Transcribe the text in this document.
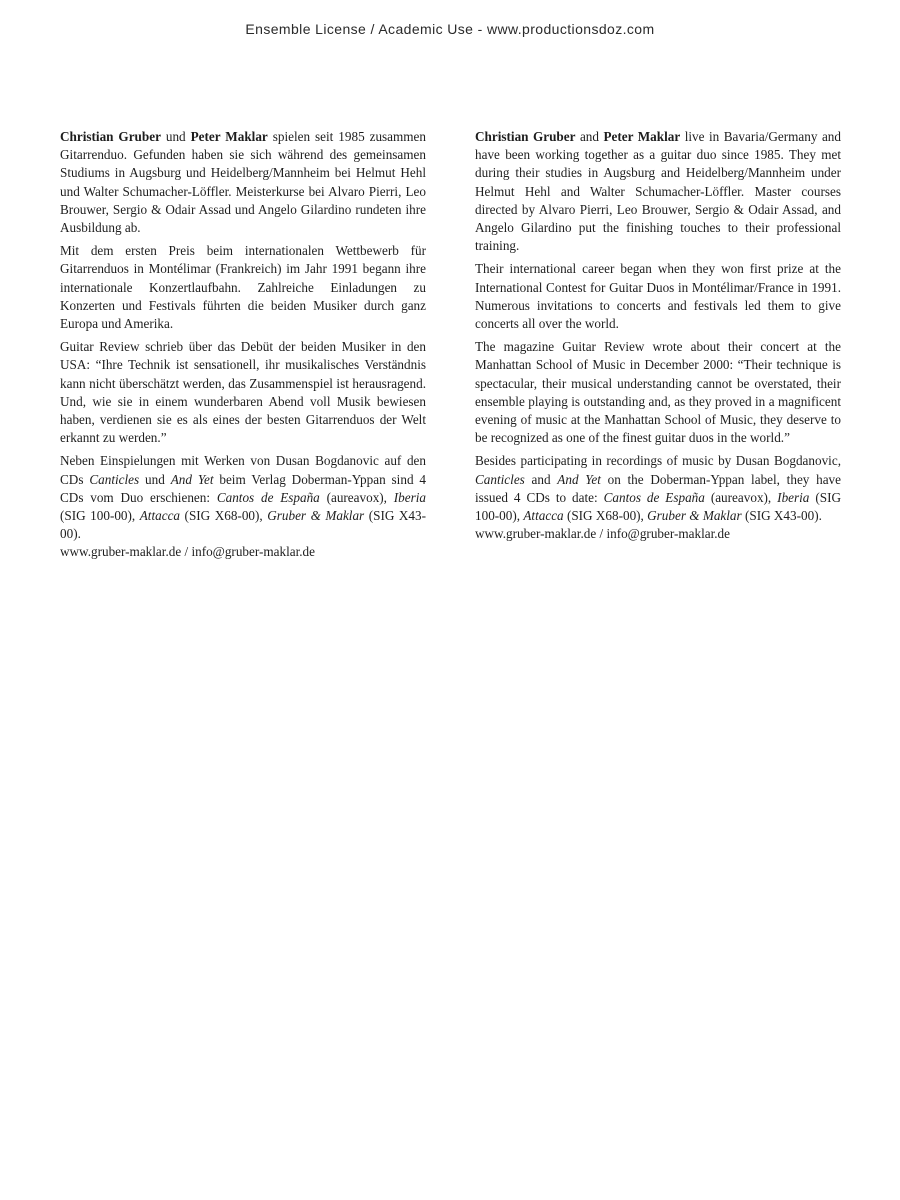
Ensemble License / Academic Use - www.productionsdoz.com

Christian Gruber und Peter Maklar spielen seit 1985 zusammen Gitarrenduo. Gefunden haben sie sich während des gemeinsamen Studiums in Augsburg und Heidelberg/Mannheim bei Helmut Hehl und Walter Schumacher-Löffler. Meisterkurse bei Alvaro Pierri, Leo Brouwer, Sergio & Odair Assad und Angelo Gilardino rundeten ihre Ausbildung ab.

Mit dem ersten Preis beim internationalen Wettbewerb für Gitarrenduos in Montélimar (Frankreich) im Jahr 1991 begann ihre internationale Konzertlaufbahn. Zahlreiche Einladungen zu Konzerten und Festivals führten die beiden Musiker durch ganz Europa und Amerika.

Guitar Review schrieb über das Debüt der beiden Musiker in den USA: “Ihre Technik ist sensationell, ihr musikalisches Verständnis kann nicht überschätzt werden, das Zusammenspiel ist herausragend. Und, wie sie in einem wunderbaren Abend voll Musik bewiesen haben, verdienen sie es als eines der besten Gitarrenduos der Welt erkannt zu werden.”

Neben Einspielungen mit Werken von Dusan Bogdanovic auf den CDs Canticles und And Yet beim Verlag Doberman-Yppan sind 4 CDs vom Duo erschienen: Cantos de España (aureavox), Iberia (SIG 100-00), Attacca (SIG X68-00), Gruber & Maklar (SIG X43-00).

www.gruber-maklar.de / info@gruber-maklar.de

Christian Gruber and Peter Maklar live in Bavaria/Germany and have been working together as a guitar duo since 1985. They met during their studies in Augsburg and Heidelberg/Mannheim under Helmut Hehl and Walter Schumacher-Löffler. Master courses directed by Alvaro Pierri, Leo Brouwer, Sergio & Odair Assad, and Angelo Gilardino put the finishing touches to their professional training.

Their international career began when they won first prize at the International Contest for Guitar Duos in Montélimar/France in 1991. Numerous invitations to concerts and festivals led them to give concerts all over the world.

The magazine Guitar Review wrote about their concert at the Manhattan School of Music in December 2000: “Their technique is spectacular, their musical understanding cannot be overstated, their ensemble playing is outstanding and, as they proved in a magnificent evening of music at the Manhattan School of Music, they deserve to be recognized as one of the finest guitar duos in the world.”

Besides participating in recordings of music by Dusan Bogdanovic, Canticles and And Yet on the Doberman-Yppan label, they have issued 4 CDs to date: Cantos de España (aureavox), Iberia (SIG 100-00), Attacca (SIG X68-00), Gruber & Maklar (SIG X43-00).

www.gruber-maklar.de / info@gruber-maklar.de
